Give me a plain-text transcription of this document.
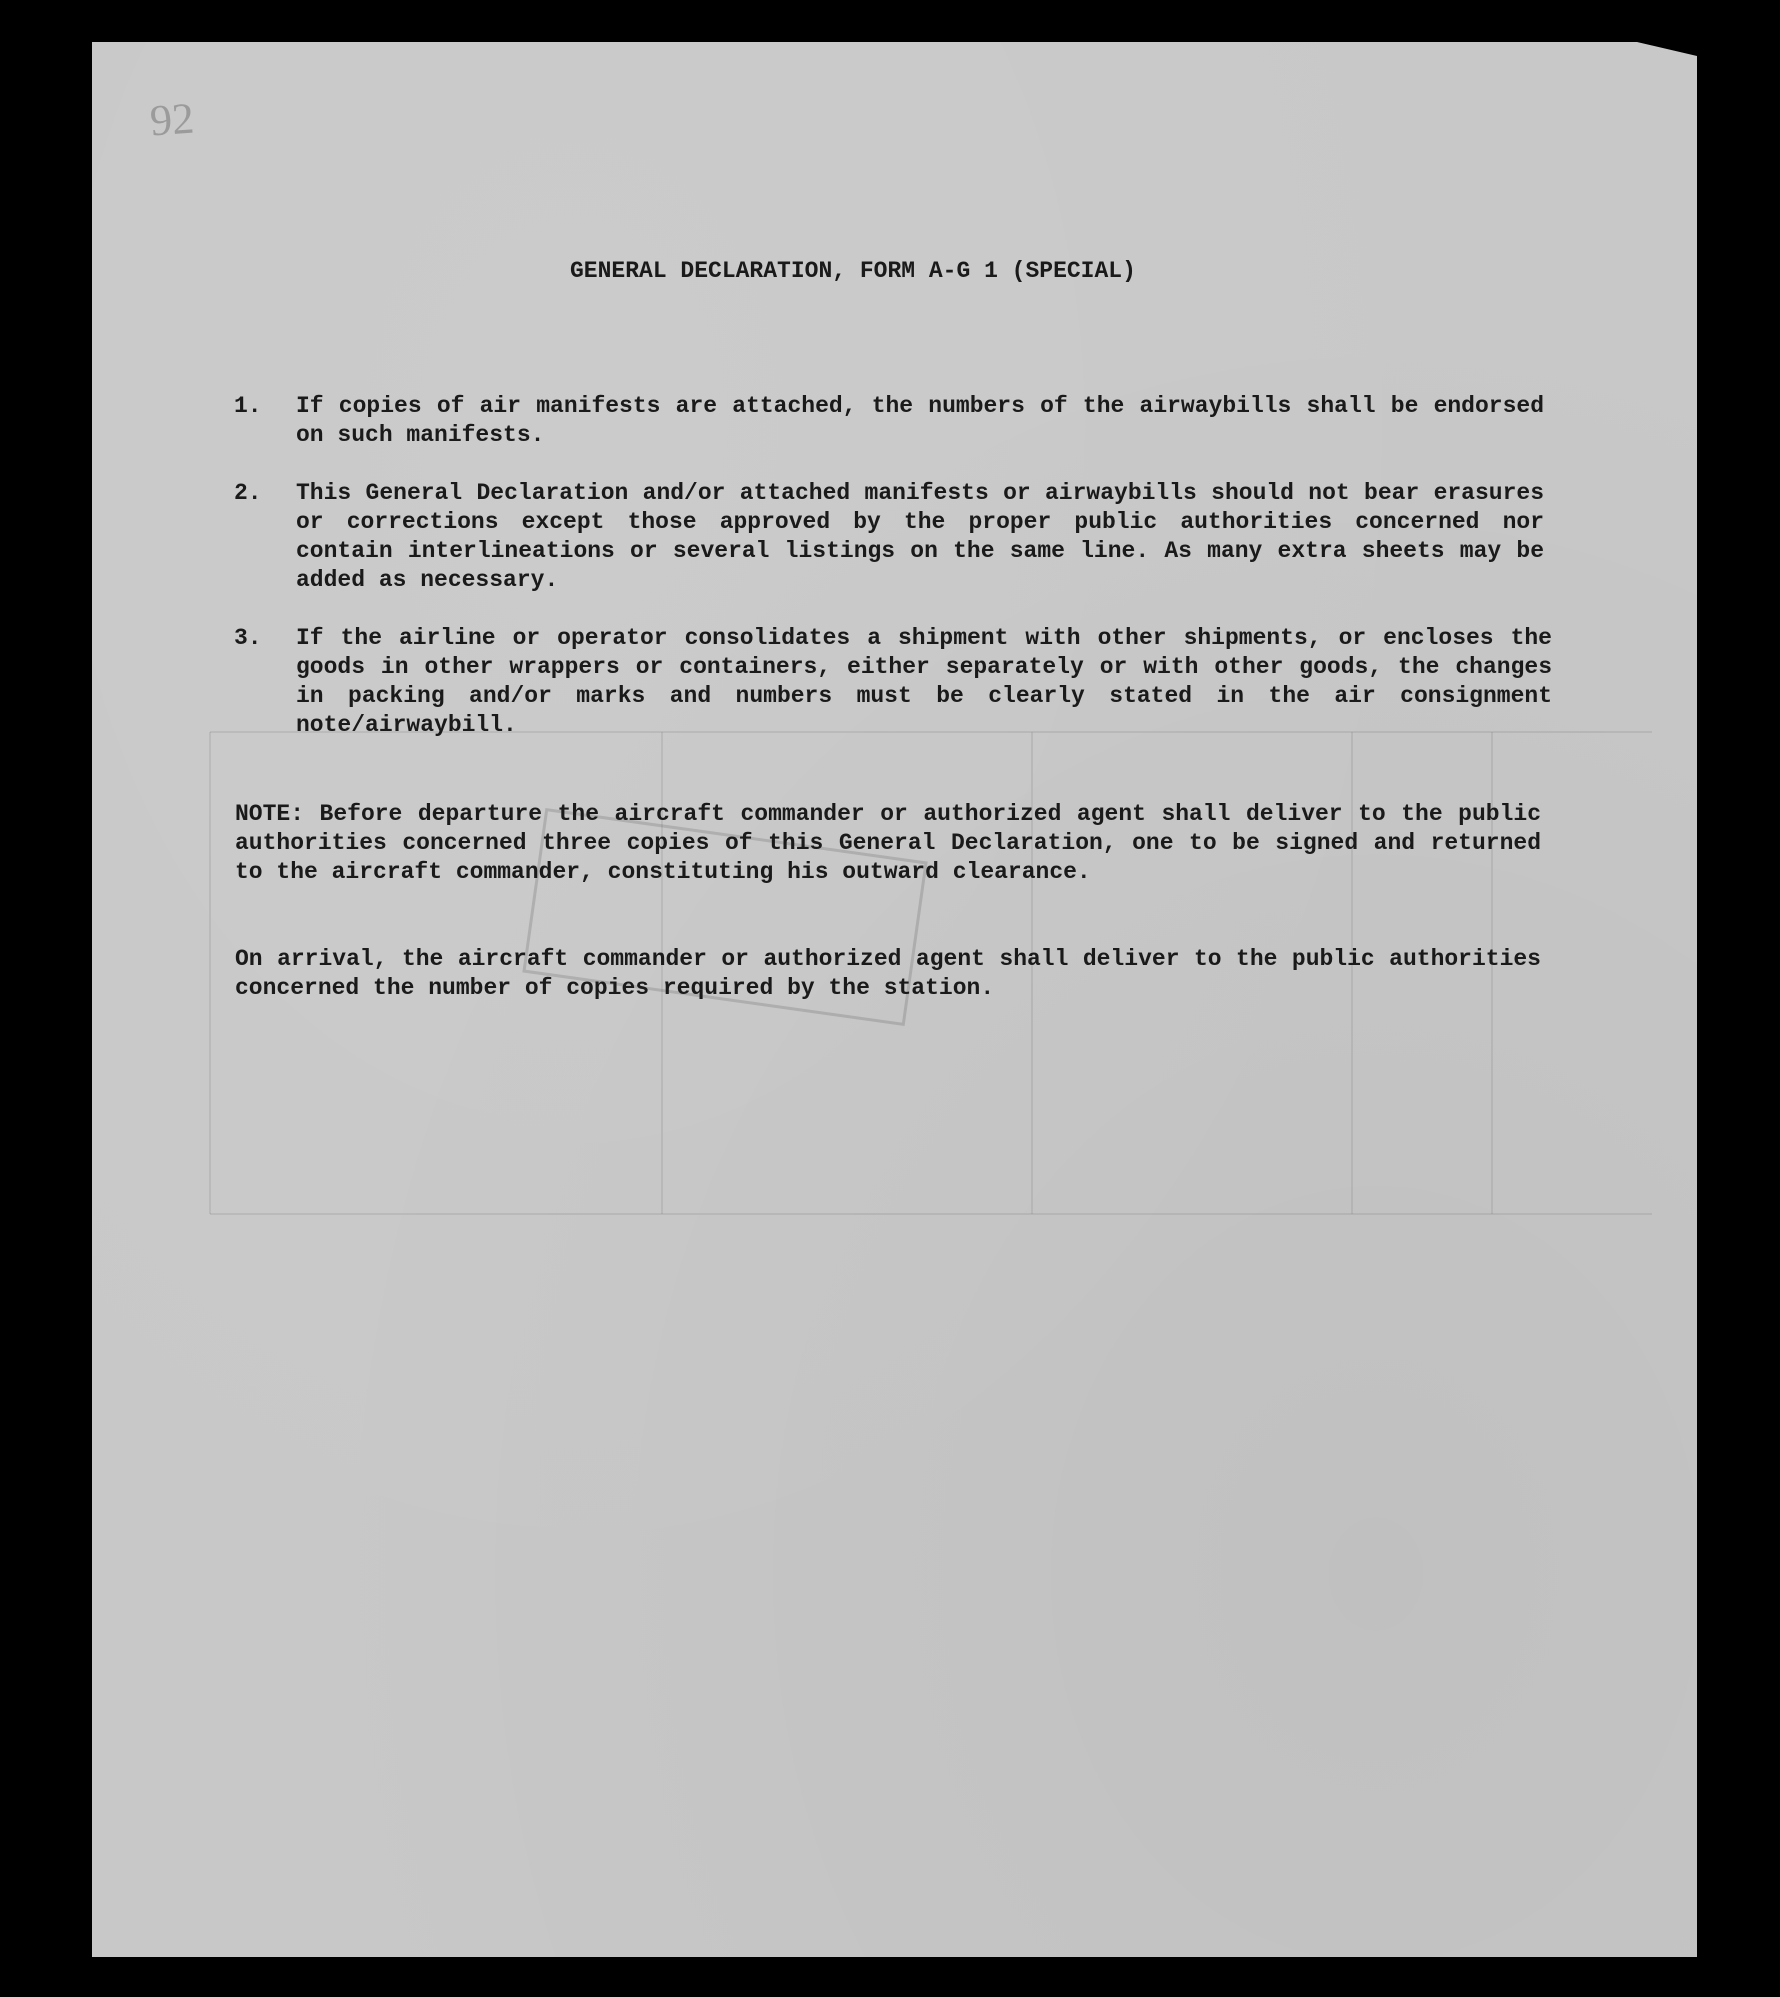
92
GENERAL DECLARATION, FORM A-G 1 (SPECIAL)
1. If copies of air manifests are attached, the numbers of the airwaybills shall be endorsed on such manifests.

2. This General Declaration and/or attached manifests or airwaybills should not bear erasures or corrections except those approved by the proper public authorities concerned nor contain interlineations or several listings on the same line. As many extra sheets may be added as necessary.

3. If the airline or operator consolidates a shipment with other shipments, or encloses the goods in other wrappers or containers, either separately or with other goods, the changes in packing and/or marks and numbers must be clearly stated in the air consignment note/airwaybill.

NOTE: Before departure the aircraft commander or authorized agent shall deliver to the public authorities concerned three copies of this General Declaration, one to be signed and returned to the aircraft commander, constituting his outward clearance.

On arrival, the aircraft commander or authorized agent shall deliver to the public authorities concerned the number of copies required by the station.
